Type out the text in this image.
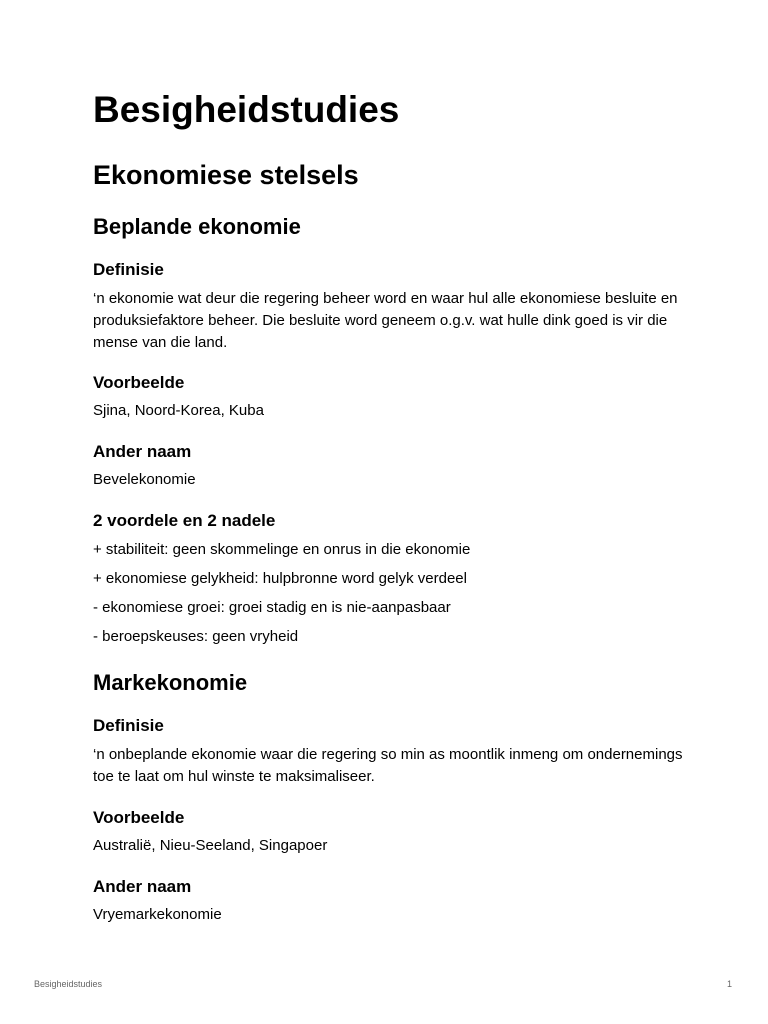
Besigheidstudies
Ekonomiese stelsels
Beplande ekonomie
Definisie

‘n ekonomie wat deur die regering beheer word en waar hul alle ekonomiese besluite en produksiefaktore beheer. Die besluite word geneem o.g.v. wat hulle dink goed is vir die mense van die land.

Voorbeelde

Sjina, Noord-Korea, Kuba

Ander naam

Bevelekonomie

2 voordele en 2 nadele

+ stabiliteit: geen skommelinge en onrus in die ekonomie

+ ekonomiese gelykheid: hulpbronne word gelyk verdeel

- ekonomiese groei: groei stadig en is nie-aanpasbaar

- beroepskeuses: geen vryheid

Markekonomie
Definisie

‘n onbeplande ekonomie waar die regering so min as moontlik inmeng om ondernemings toe te laat om hul winste te maksimaliseer.

Voorbeelde

Australië, Nieu-Seeland, Singapoer

Ander naam

Vryemarkekonomie

Besigheidstudies	1
